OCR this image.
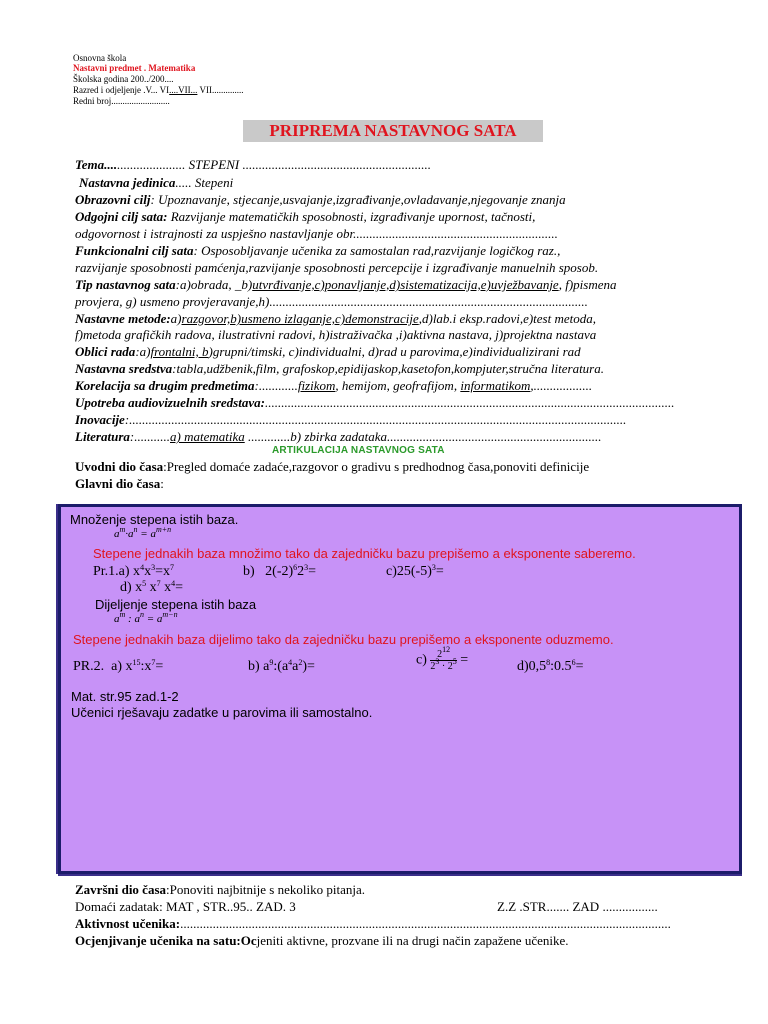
Osnovna škola
Nastavni predmet . Matematika
Školska godina 200../200....
Razred i odjeljenje .V... VI....VII... VII..............
Redni broj..........................
PRIPREMA NASTAVNOG SATA
Tema......................... STEPENI ..........................................................
Nastavna jedinica..... Stepeni
Obrazovni cilj: Upoznavanje, stjecanje,usvajanje,izgrađivanje,ovladavanje,njegovanje znanja
Odgojni cilj sata: Razvijanje matematičkih sposobnosti, izgrađivanje upornost, tačnosti,
odgovornost i istrajnosti za uspješno nastavljanje obr...............................................................
Funkcionalni cilj sata: Osposobljavanje učenika za samostalan rad,razvijanje logičkog raz.,
razvijanje sposobnosti pamćenja,razvijanje sposobnosti percepcije i izgrađivanje manuelnih sposob.
Tip nastavnog sata:a)obrada, _b)utvrđivanje,c)ponavljanje,d)sistematizacija,e)uvježbavanje, f)pismena
provjera, g) usmeno provjeravanje,h)..................................................................................................
Nastavne metode:a)razgovor,b)usmeno izlaganje,c)demonstracije,d)lab.i eksp.radovi,e)test metoda,
f)metoda grafičkih radova, ilustrativni radovi, h)istraživačka ,i)aktivna nastava, j)projektna nastava
Oblici rada:a)frontalni, b)grupni/timski, c)individualni, d)rad u parovima,e)individualizirani rad
Nastavna sredstva:tabla,udžbenik,film, grafoskop,epidijaskop,kasetofon,kompjuter,stručna literatura.
Korelacija sa drugim predmetima:............fizikom, hemijom, geofrafijom, informatikom,..................
Upotreba audiovizuelnih sredstava:..............................................................................................................................
Inovacije:.........................................................................................................................................................
Literatura:...........a) matematika .............b) zbirka zadataka..................................................................
ARTIKULACIJA NASTAVNOG SATA
Uvodni dio časa:Pregled domaće zadaće,razgovor o gradivu s predhodnog časa,ponoviti definicije
Glavni dio časa:
Množenje stepena istih baza.
$a^m\cdot a^n = a^{m+n}$
Stepene jednakih baza množimo tako da zajedničku bazu prepišemo a eksponente saberemo.
Pr.1.a) $x^4x^3=x^7$	b)   $2(-2)^62^3=$	$c)25(-5)^3=$
d) $x^5$ $x^7$ $x^4=$
Dijeljenje stepena istih baza
$a^m$ : $a^n = a^{m-n}$
Stepene jednakih baza dijelimo tako da zajedničku bazu prepišemo a eksponente oduzmemo.
PR.2.  a) $x^{15}:x^7=$	b) $a^9:(a^4a^2)=$	$c) \frac{2^{12}}{2^3 \cdot 2^5}$ =	$d)0,5^8:0.5^6=$
Mat. str.95 zad.1-2
Učenici rješavaju zadatke u parovima ili samostalno.
Završni dio časa:Ponoviti najbitnije s nekoliko pitanja.
Domaći zadatak: MAT , STR..95.. ZAD. 3	Z.Z .STR....... ZAD .................
Aktivnost učenika:.......................................................................................................................................................
Ocjenjivanje učenika na satu:Ocjeniti aktivne, prozvane ili na drugi način zapažene učenike.
